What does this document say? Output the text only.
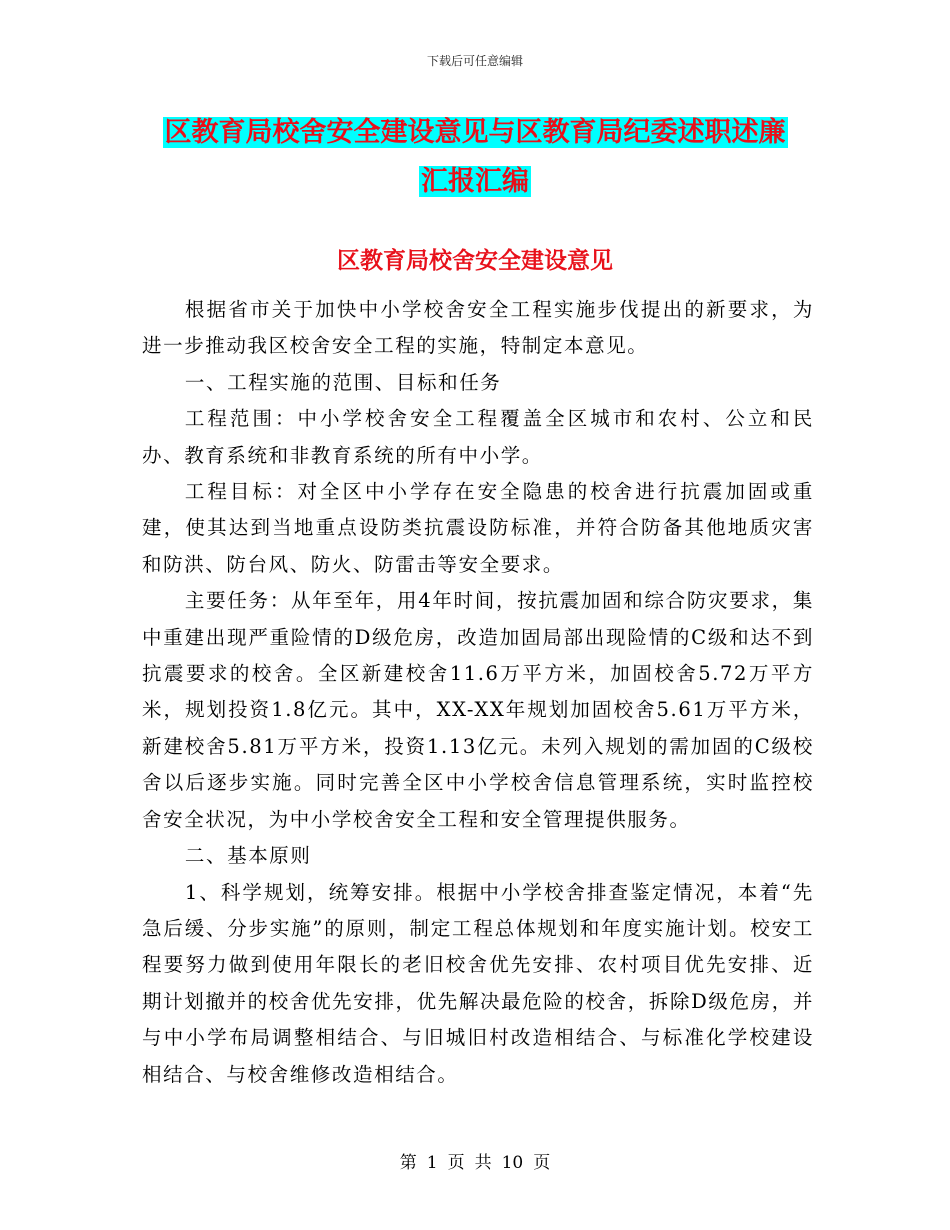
下载后可任意编辑
区教育局校舍安全建设意见与区教育局纪委述职述廉
汇报汇编
区教育局校舍安全建设意见

根据省市关于加快中小学校舍安全工程实施步伐提出的新要求，为进一步推动我区校舍安全工程的实施，特制定本意见。

一、工程实施的范围、目标和任务

工程范围：中小学校舍安全工程覆盖全区城市和农村、公立和民办、教育系统和非教育系统的所有中小学。

工程目标：对全区中小学存在安全隐患的校舍进行抗震加固或重建，使其达到当地重点设防类抗震设防标准，并符合防备其他地质灾害和防洪、防台风、防火、防雷击等安全要求。

主要任务：从年至年，用4年时间，按抗震加固和综合防灾要求，集中重建出现严重险情的D级危房，改造加固局部出现险情的C级和达不到抗震要求的校舍。全区新建校舍11.6万平方米，加固校舍5.72万平方米，规划投资1.8亿元。其中，XX-XX年规划加固校舍5.61万平方米，新建校舍5.81万平方米，投资1.13亿元。未列入规划的需加固的C级校舍以后逐步实施。同时完善全区中小学校舍信息管理系统，实时监控校舍安全状况，为中小学校舍安全工程和安全管理提供服务。

二、基本原则

1、科学规划，统筹安排。根据中小学校舍排查鉴定情况，本着“先急后缓、分步实施”的原则，制定工程总体规划和年度实施计划。校安工程要努力做到使用年限长的老旧校舍优先安排、农村项目优先安排、近期计划撤并的校舍优先安排，优先解决最危险的校舍，拆除D级危房，并与中小学布局调整相结合、与旧城旧村改造相结合、与标准化学校建设相结合、与校舍维修改造相结合。

第 1 页 共 10 页
